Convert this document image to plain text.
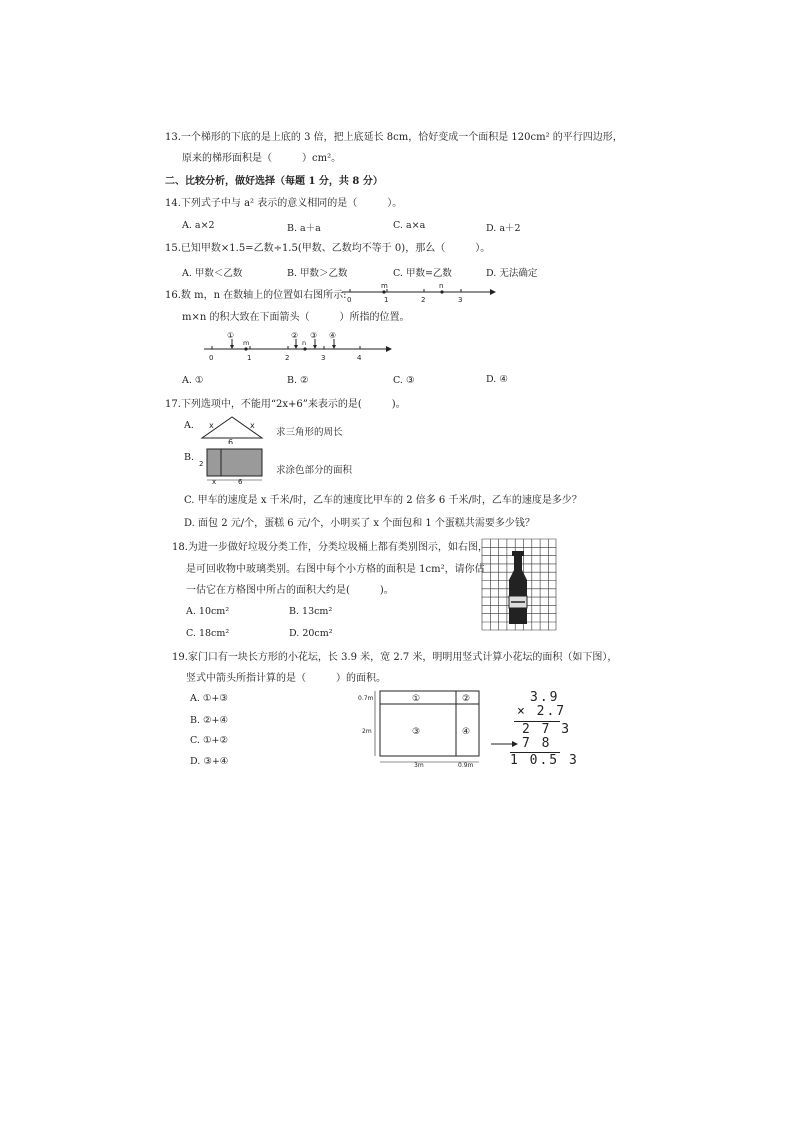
13.一个梯形的下底的是上底的 3 倍，把上底延长 8cm，恰好变成一个面积是 120cm² 的平行四边形，
原来的梯形面积是（　　　）cm²。
二、比较分析，做好选择（每题 1 分，共 8 分）
14.下列式子中与 a² 表示的意义相同的是（　　　）。
A. a×2	B. a＋a	C. a×a	D. a＋2
15.已知甲数×1.5=乙数÷1.5(甲数、乙数均不等于 0)，那么（　　　）。
A. 甲数＜乙数	B. 甲数＞乙数	C. 甲数=乙数	D. 无法确定
16.数 m，n 在数轴上的位置如右图所示: 0	1	2	3
m	n
m×n 的积大致在下面箭头（　　　）所指的位置。
0	1	2	3	4
m	n
①	② ③ ④
A. ①	B. ②	C. ③	D. ④
17.下列选项中，不能用“2x+6”来表示的是(　　　)。
A. x	x
6
求三角形的周长
B.
2
x	6
求涂色部分的面积
C. 甲车的速度是 x 千米/时，乙车的速度比甲车的 2 倍多 6 千米/时，乙车的速度是多少？
D. 面包 2 元/个，蛋糕 6 元/个，小明买了 x 个面包和 1 个蛋糕共需要多少钱？
18.为进一步做好垃圾分类工作，分类垃圾桶上都有类别图示，如右图，
是可回收物中玻璃类别。右图中每个小方格的面积是 1cm²，请你估
一估它在方格图中所占的面积大约是(　　　)。
A. 10cm²	B. 13cm²
C. 18cm²	D. 20cm²
19.家门口有一块长方形的小花坛，长 3.9 米，宽 2.7 米，明明用竖式计算小花坛的面积（如下图），
竖式中箭头所指计算的是（　　　）的面积。
A. ①+③
B. ②+④
C. ①+②
D. ③+④
①	②
③	④
0.7m
2m
3m	0.9m
3.9
× 2.7
2 7 3
7 8
1 0.5 3
